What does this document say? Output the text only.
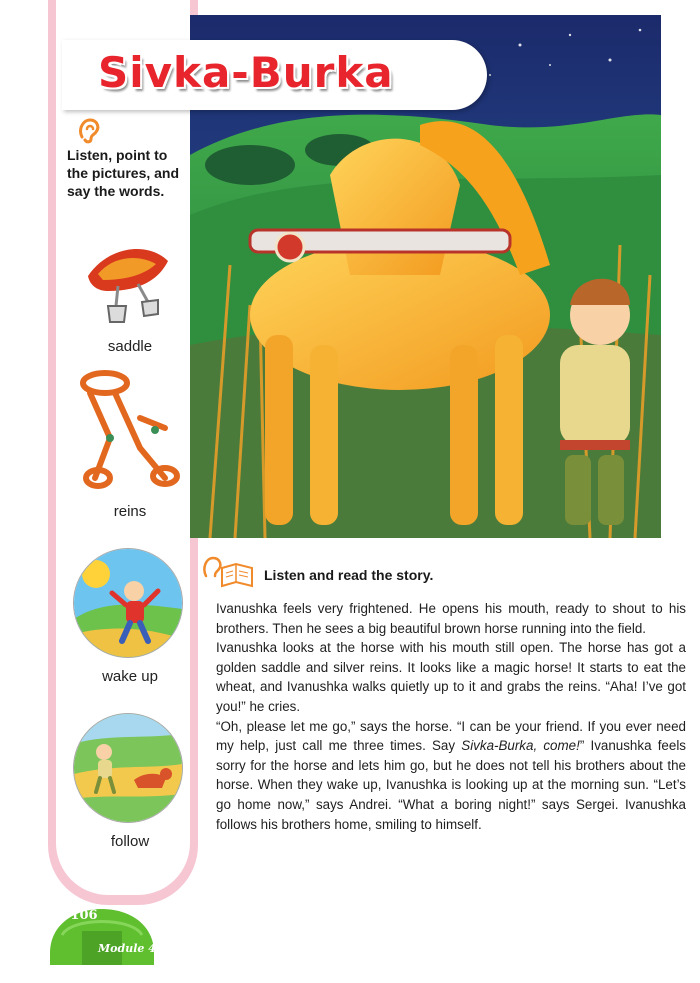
Sivka-Burka
Listen, point to the pictures, and say the words.
saddle
reins
wake up
follow
Listen and read the story.

Ivanushka feels very frightened. He opens his mouth, ready to shout to his brothers. Then he sees a big beautiful brown horse running into the field.

Ivanushka looks at the horse with his mouth still open. The horse has got a golden saddle and silver reins. It looks like a magic horse! It starts to eat the wheat, and Ivanushka walks quietly up to it and grabs the reins. “Aha! I’ve got you!” he cries.

“Oh, please let me go,” says the horse. “I can be your friend. If you ever need my help, just call me three times. Say Sivka-Burka, come!” Ivanushka feels sorry for the horse and lets him go, but he does not tell his brothers about the horse. When they wake up, Ivanushka is looking up at the morning sun. “Let’s go home now,” says Andrei. “What a boring night!” says Sergei. Ivanushka follows his brothers home, smiling to himself.

106
Module 4
